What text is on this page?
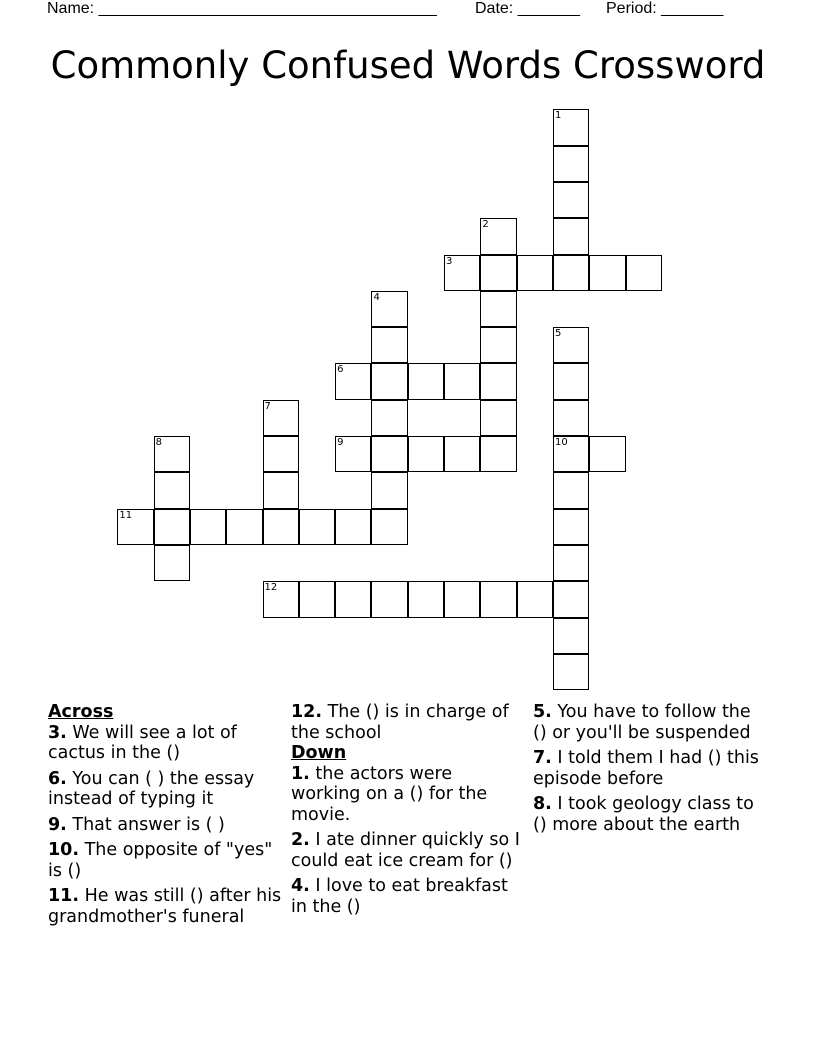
Name: ______________________________________ Date: _______ Period: _______
Commonly Confused Words Crossword
1
2
3
4
5
10
6
7
8	9
11
12
Across
3. We will see a lot of cactus in the ()
6. You can ( ) the essay instead of typing it
9. That answer is ( )
10. The opposite of "yes" is ()
11. He was still () after his grandmother's funeral
12. The () is in charge of the school
Down
1. the actors were working on a () for the movie.
2. I ate dinner quickly so I could eat ice cream for ()
4. I love to eat breakfast in the ()
5. You have to follow the () or you'll be suspended
7. I told them I had () this episode before
8. I took geology class to () more about the earth
